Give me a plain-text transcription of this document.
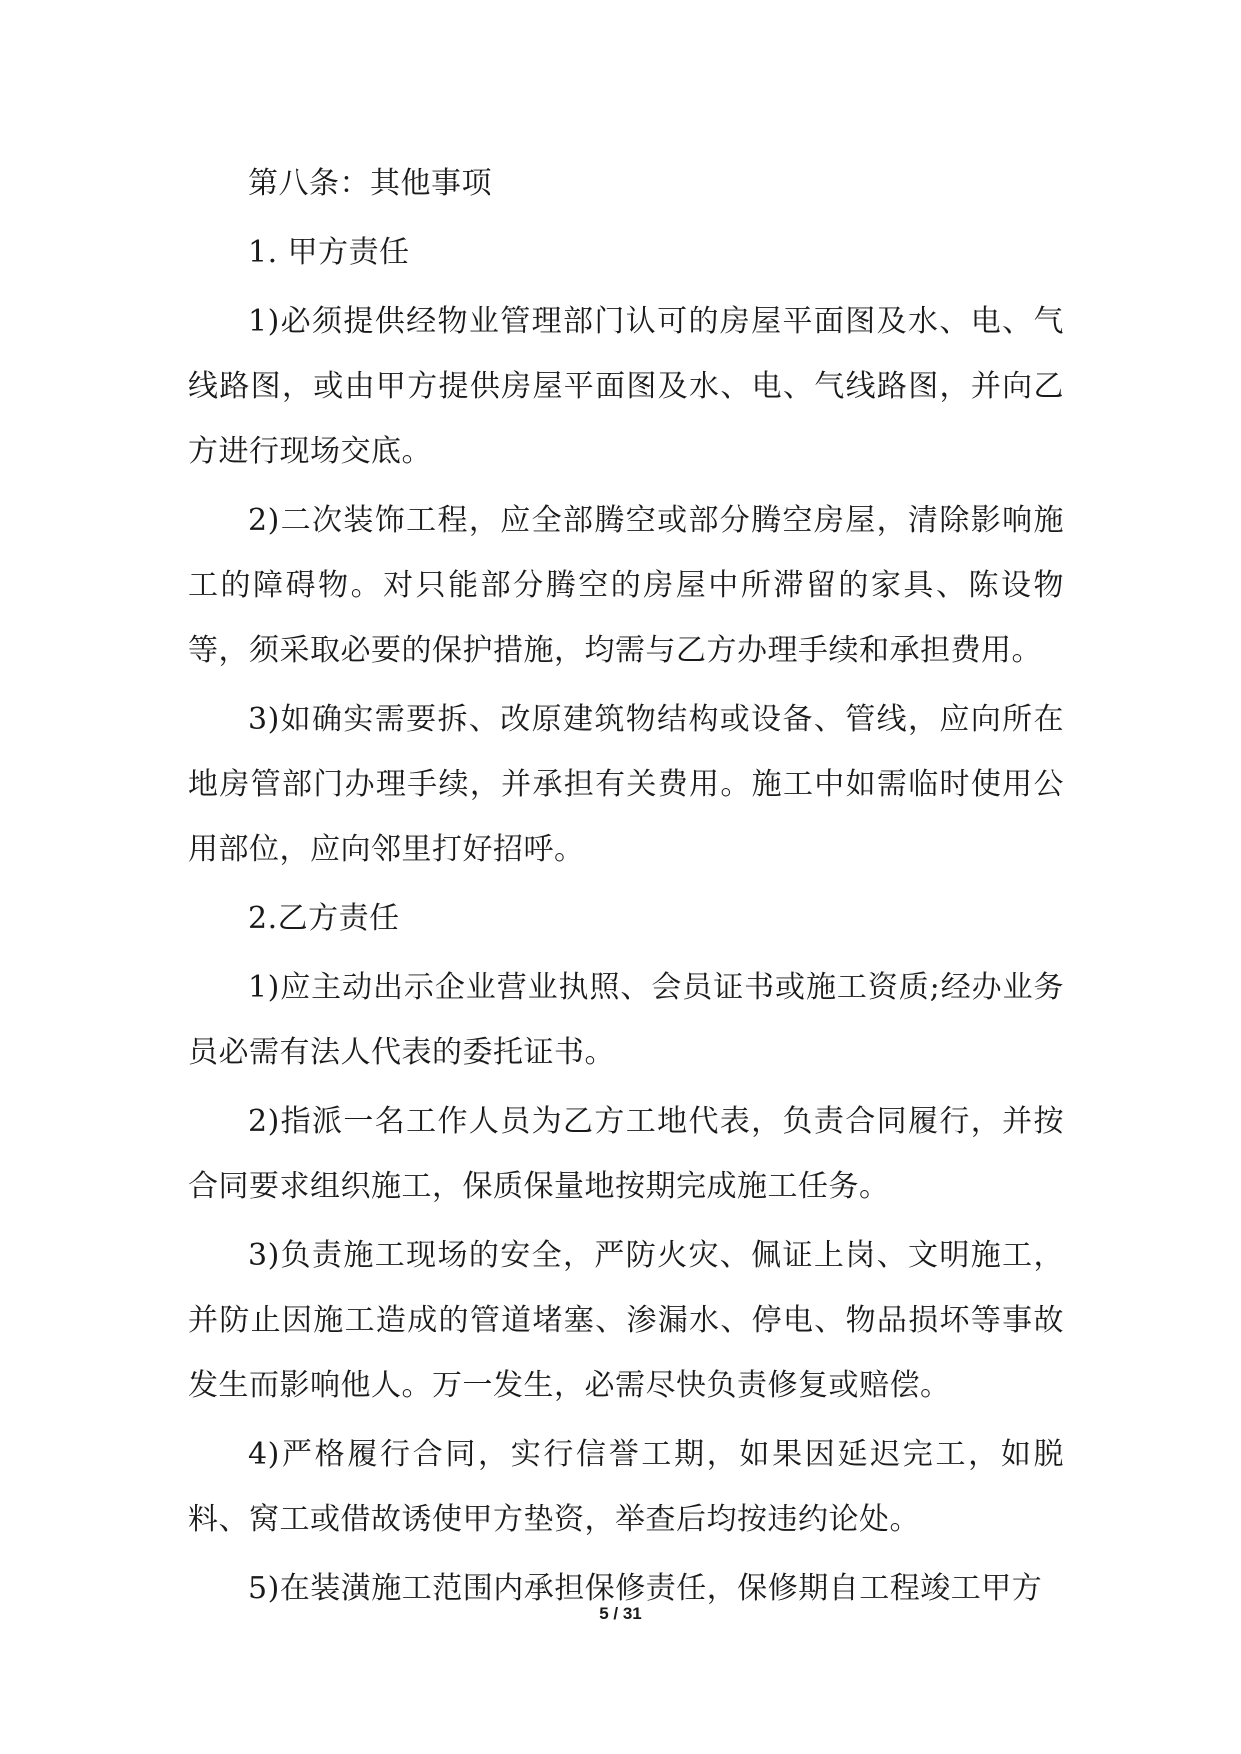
第八条：其他事项

1. 甲方责任

1)必须提供经物业管理部门认可的房屋平面图及水、电、气线路图，或由甲方提供房屋平面图及水、电、气线路图，并向乙方进行现场交底。

2)二次装饰工程，应全部腾空或部分腾空房屋，清除影响施工的障碍物。对只能部分腾空的房屋中所滞留的家具、陈设物等，须采取必要的保护措施，均需与乙方办理手续和承担费用。

3)如确实需要拆、改原建筑物结构或设备、管线，应向所在地房管部门办理手续，并承担有关费用。施工中如需临时使用公用部位，应向邻里打好招呼。

2.乙方责任

1)应主动出示企业营业执照、会员证书或施工资质;经办业务员必需有法人代表的委托证书。

2)指派一名工作人员为乙方工地代表，负责合同履行，并按合同要求组织施工，保质保量地按期完成施工任务。

3)负责施工现场的安全，严防火灾、佩证上岗、文明施工，并防止因施工造成的管道堵塞、渗漏水、停电、物品损坏等事故发生而影响他人。万一发生，必需尽快负责修复或赔偿。

4)严格履行合同，实行信誉工期，如果因延迟完工，如脱料、窝工或借故诱使甲方垫资，举查后均按违约论处。

5)在装潢施工范围内承担保修责任，保修期自工程竣工甲方

5 / 31
